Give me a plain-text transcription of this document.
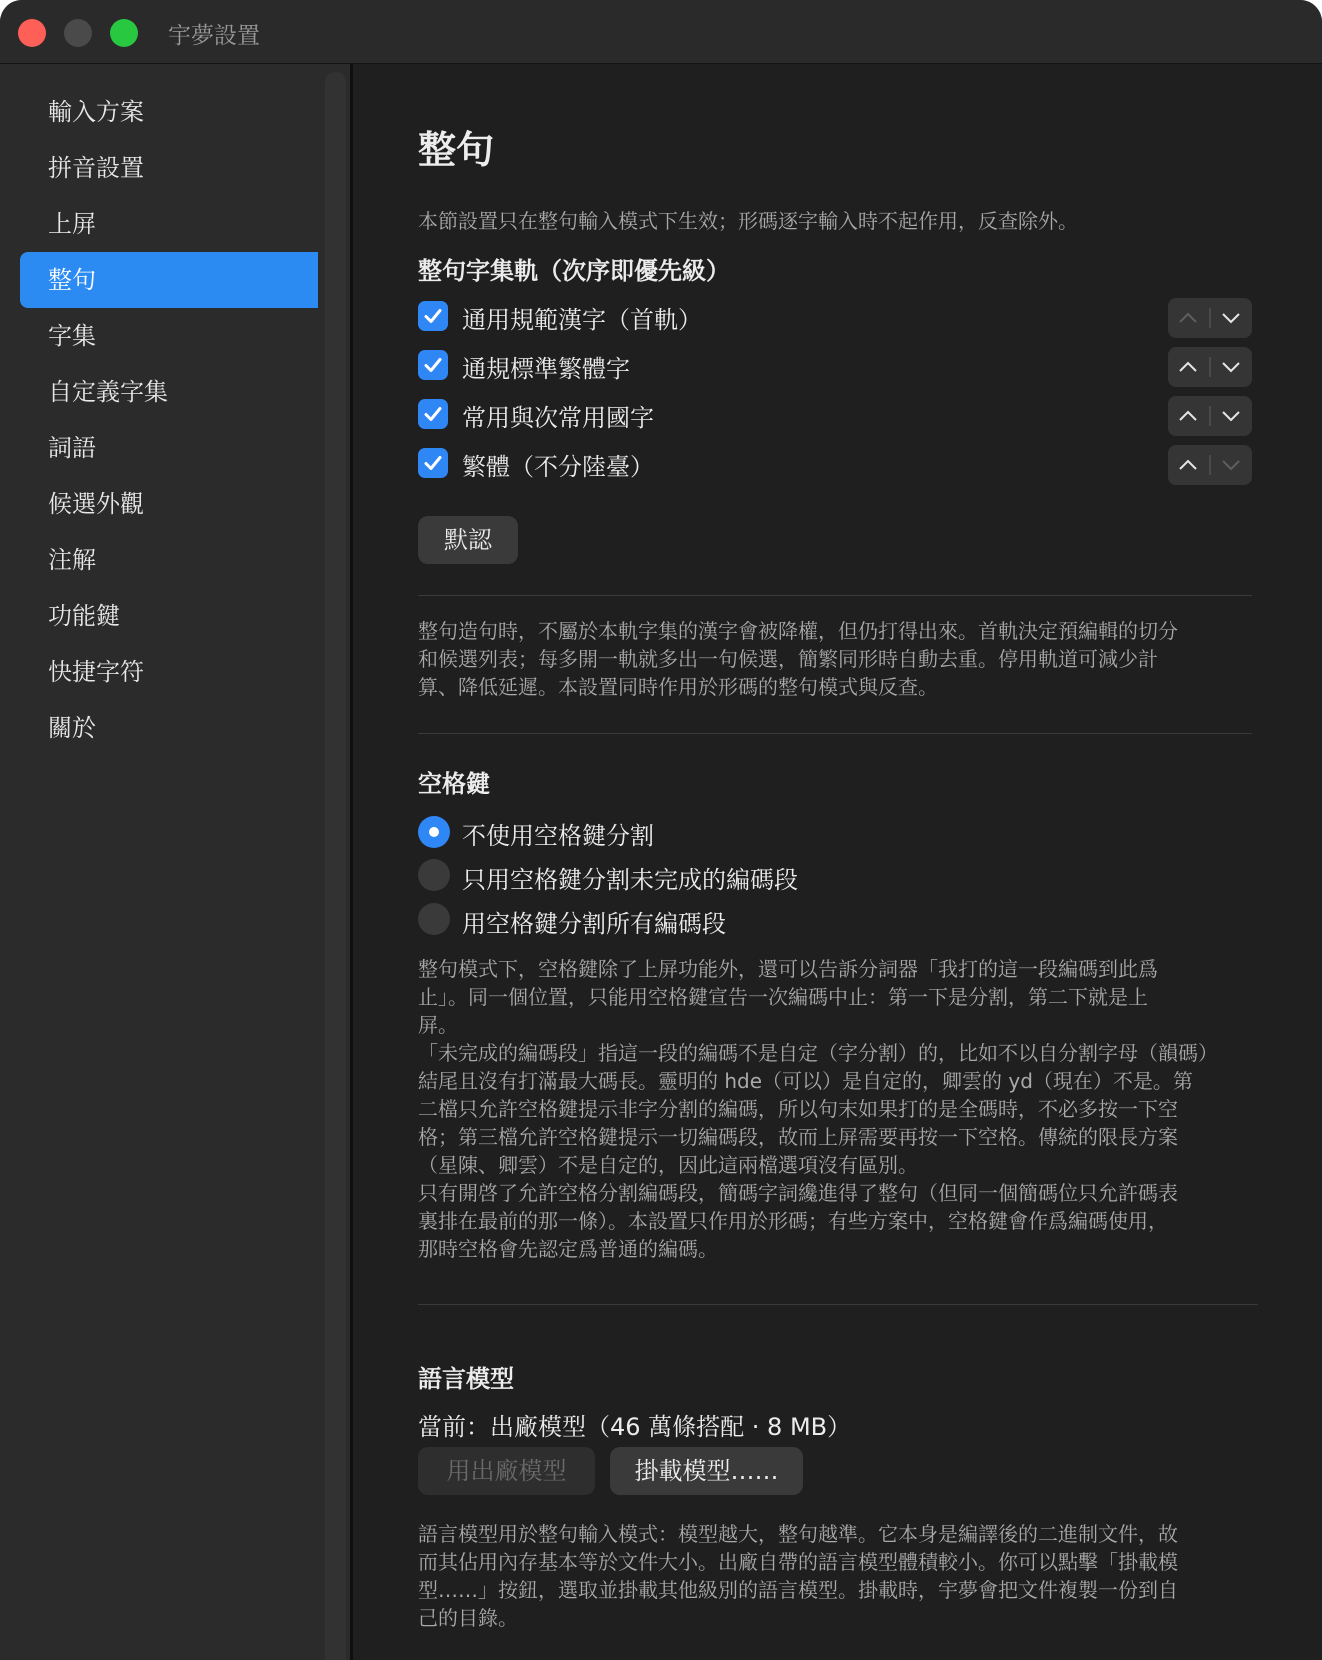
宇夢設置
輸入方案
拼音設置
上屏
整句
字集
自定義字集
詞語
候選外觀
注解
功能鍵
快捷字符
關於
整句
本節設置只在整句輸入模式下生效；形碼逐字輸入時不起作用，反查除外。
整句字集軌（次序即優先級）
通用規範漢字（首軌）
通規標準繁體字
常用與次常用國字
繁體（不分陸臺）
默認
整句造句時，不屬於本軌字集的漢字會被降權，但仍打得出來。首軌決定預編輯的切分
和候選列表；每多開一軌就多出一句候選，簡繁同形時自動去重。停用軌道可減少計
算、降低延遲。本設置同時作用於形碼的整句模式與反查。
空格鍵
不使用空格鍵分割
只用空格鍵分割未完成的編碼段
用空格鍵分割所有編碼段
整句模式下，空格鍵除了上屏功能外，還可以告訴分詞器「我打的這一段編碼到此爲
止」。同一個位置，只能用空格鍵宣告一次編碼中止：第一下是分割，第二下就是上
屏。
「未完成的編碼段」指這一段的編碼不是自定（字分割）的，比如不以自分割字母（韻碼）
結尾且沒有打滿最大碼長。靈明的 hde（可以）是自定的，卿雲的 yd（現在）不是。第
二檔只允許空格鍵提示非字分割的編碼，所以句末如果打的是全碼時，不必多按一下空
格；第三檔允許空格鍵提示一切編碼段，故而上屏需要再按一下空格。傳統的限長方案
（星陳、卿雲）不是自定的，因此這兩檔選項沒有區別。
只有開啓了允許空格分割編碼段，簡碼字詞纔進得了整句（但同一個簡碼位只允許碼表
裏排在最前的那一條）。本設置只作用於形碼；有些方案中，空格鍵會作爲編碼使用，
那時空格會先認定爲普通的編碼。
語言模型
當前：出廠模型（46 萬條搭配 · 8 MB）
用出廠模型	掛載模型……
語言模型用於整句輸入模式：模型越大，整句越準。它本身是編譯後的二進制文件，故
而其佔用內存基本等於文件大小。出廠自帶的語言模型體積較小。你可以點擊「掛載模
型……」按鈕，選取並掛載其他級別的語言模型。掛載時，宇夢會把文件複製一份到自
己的目錄。
